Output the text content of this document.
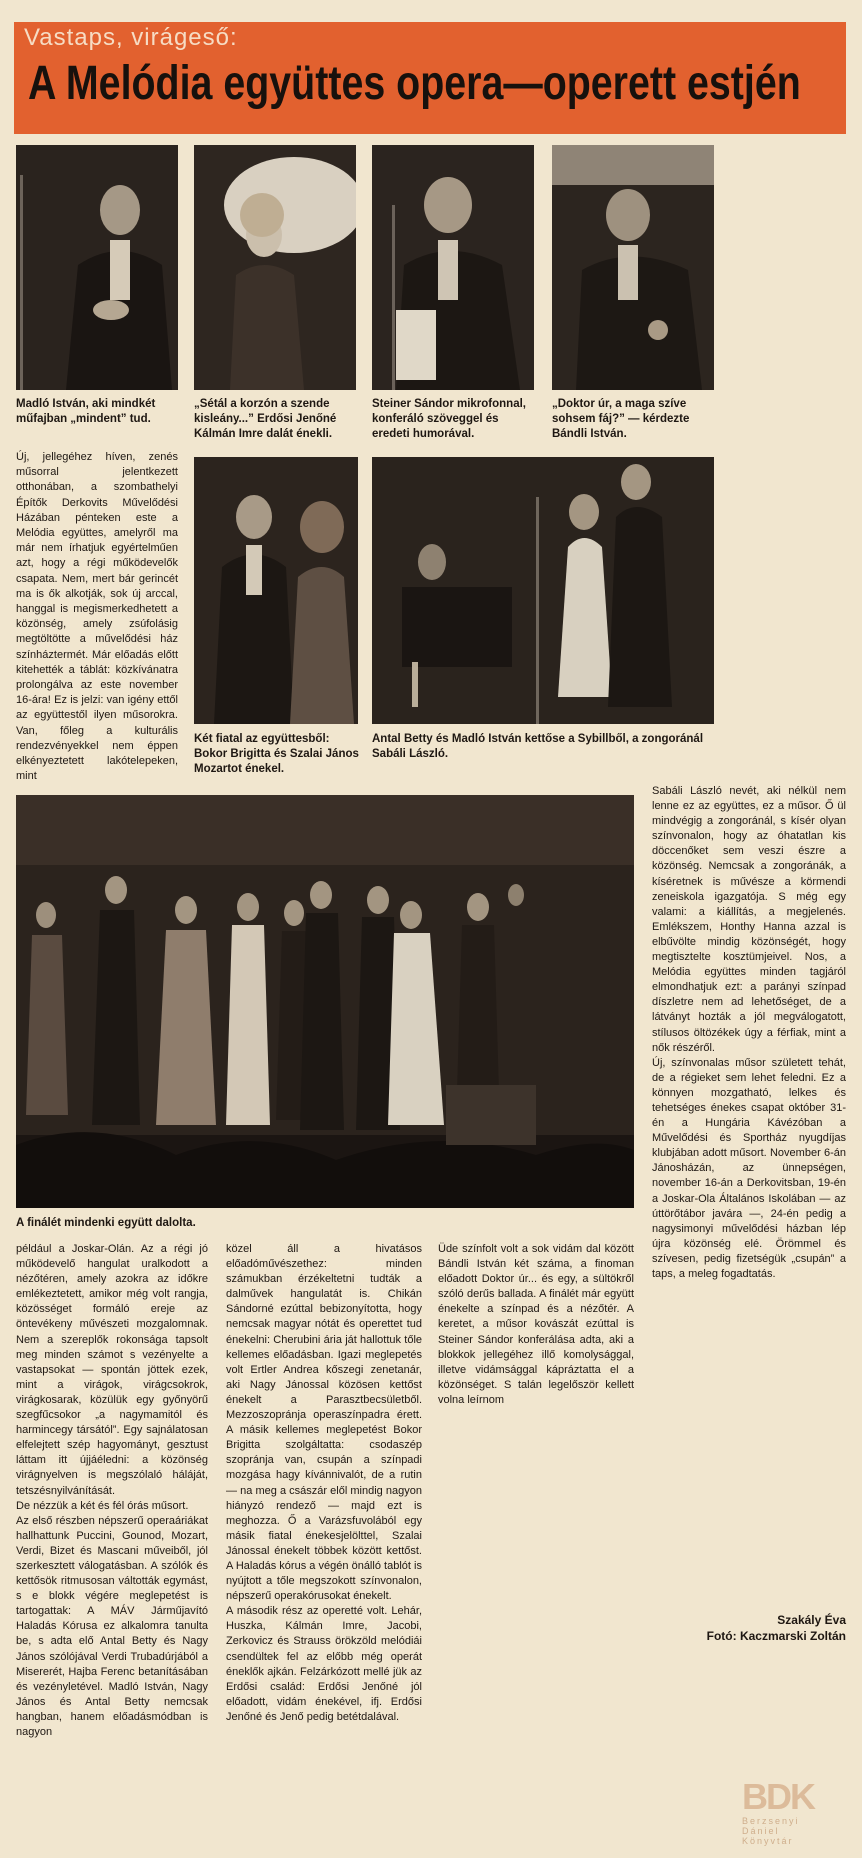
Vastaps, virágeső:
A Melódia együttes opera—operett estjén
Madló István, aki mindkét műfajban „mindent” tud.
„Sétál a korzón a szende kisleány...” Erdősi Jenőné Kálmán Imre dalát énekli.
Steiner Sándor mikrofonnal, konferáló szöveggel és eredeti humorával.
„Doktor úr, a maga szíve sohsem fáj?” — kérdezte Bándli István.
Új, jellegéhez híven, zenés műsorral jelentkezett otthonában, a szombathelyi Építők Derkovits Művelődési Házában pénteken este a Melódia együttes, amelyről ma már nem írhatjuk egyértelműen azt, hogy a régi működevelők csapata. Nem, mert bár gerincét ma is ők alkotják, sok új arccal, hanggal is megismerkedhetett a közönség, amely zsúfolásig megtöltötte a művelődési ház színháztermét. Már előadás előtt kitehették a táblát: közkívánatra prolongálva az este november 16-ára! Ez is jelzi: van igény ettől az együttestől ilyen műsorokra. Van, főleg a kulturális rendezvényekkel nem éppen elkényeztetett lakótelepeken, mint
Két fiatal az együttesből: Bokor Brigitta és Szalai János Mozartot énekel.
Antal Betty és Madló István kettőse a Sybillből, a zongoránál Sabáli László.
A finálét mindenki együtt dalolta.
Sabáli László nevét, aki nélkül nem lenne ez az együttes, ez a műsor. Ő ül mindvégig a zongoránál, s kísér olyan színvonalon, hogy az óhatatlan kis döccenőket sem veszi észre a közönség. Nemcsak a zongoránák, a kíséretnek is művésze a körmendi zeneiskola igazgatója. S még egy valami: a kiállítás, a megjelenés. Emlékszem, Honthy Hanna azzal is elbűvölte mindig közönségét, hogy megtisztelte kosztümjeivel. Nos, a Melódia együttes minden tagjáról elmondhatjuk ezt: a parányi színpad díszletre nem ad lehetőséget, de a látványt hozták a jól megválogatott, stílusos öltözékek úgy a férfiak, mint a nők részéről.
Új, színvonalas műsor született tehát, de a régieket sem lehet feledni. Ez a könnyen mozgatható, lelkes és tehetséges énekes csapat október 31-én a Hungária Kávézóban a Művelődési és Sportház nyugdíjas klubjában adott műsort. November 6-án Jánosházán, az ünnepségen, november 16-án a Derkovitsban, 19-én a Joskar-Ola Általános Iskolában — az úttörőtábor javára —, 24-én pedig a nagysimonyi művelődési házban lép újra közönség elé. Örömmel és szívesen, pedig fizetségük „csupán” a taps, a meleg fogadtatás.
például a Joskar-Olán. Az a régi jó működevelő hangulat uralkodott a nézőtéren, amely azokra az időkre emlékeztetett, amikor még volt rangja, közösséget formáló ereje az öntevékeny művészeti mozgalomnak. Nem a szereplők rokonsága tapsolt meg minden számot s vezényelte a vastapsokat — spontán jöttek ezek, mint a virágok, virágcsokrok, virágkosarak, közülük egy győnyörű szegfűcsokor „a nagymamitól és harmincegy társától”. Egy sajnálatosan elfelejtett szép hagyományt, gesztust láttam itt újjáéledni: a közönség virágnyelven is megszólaló háláját, tetszésnyilvánítását.
De nézzük a két és fél órás műsort.
Az első részben népszerű operaáriákat hallhattunk Puccini, Gounod, Mozart, Verdi, Bizet és Mascani műveiből, jól szerkesztett válogatásban. A szólók és kettősök ritmusosan váltották egymást, s e blokk végére meglepetést is tartogattak: A MÁV Járműjavító Haladás Kórusa ez alkalomra tanulta be, s adta elő Antal Betty és Nagy János szólójával Verdi Trubadúrjából a Misererét, Hajba Ferenc betanításában és vezényletével. Madló István, Nagy János és Antal Betty nemcsak hangban, hanem előadásmódban is nagyon
közel áll a hivatásos előadóművészethez: minden számukban érzékeltetni tudták a dalművek hangulatát is. Chikán Sándorné ezúttal bebizonyította, hogy nemcsak magyar nótát és operettet tud énekelni: Cherubini ária ját hallottuk tőle kellemes előadásban. Igazi meglepetés volt Ertler Andrea kőszegi zenetanár, aki Nagy Jánossal közösen kettőst énekelt a Parasztbecsületből. Mezzoszopránja operaszínpadra érett. A másik kellemes meglepetést Bokor Brigitta szolgáltatta: csodaszép szopránja van, csupán a színpadi mozgása hagy kívánnivalót, de a rutin — na meg a császár elől mindig nagyon hiányzó rendező — majd ezt is meghozza. Ő a Varázsfuvolából egy másik fiatal énekesjelölttel, Szalai Jánossal énekelt többek között kettőst. A Haladás kórus a végén önálló tablót is nyújtott a tőle megszokott színvonalon, népszerű operakórusokat énekelt.
A második rész az operetté volt. Lehár, Huszka, Kálmán Imre, Jacobi, Zerkovicz és Strauss örökzöld melódiái csendültek fel az előbb még operát éneklők ajkán. Felzárkózott mellé jük az Erdősi család: Erdősi Jenőné jól előadott, vidám énekével, ifj. Erdősi Jenőné és Jenő pedig betétdalával.
Üde színfolt volt a sok vidám dal között Bándli István két száma, a finoman előadott Doktor úr... és egy, a sültökről szóló derűs ballada. A finálét már együtt énekelte a színpad és a nézőtér. A keretet, a műsor kovászát ezúttal is Steiner Sándor konferálása adta, aki a blokkok jellegéhez illő komolysággal, illetve vidámsággal kápráztatta el a közönséget. S talán legelőször kellett volna leírnom
Szakály Éva
Fotó: Kaczmarski Zoltán
BDK
Berzsenyi
Dániel
Könyvtár
